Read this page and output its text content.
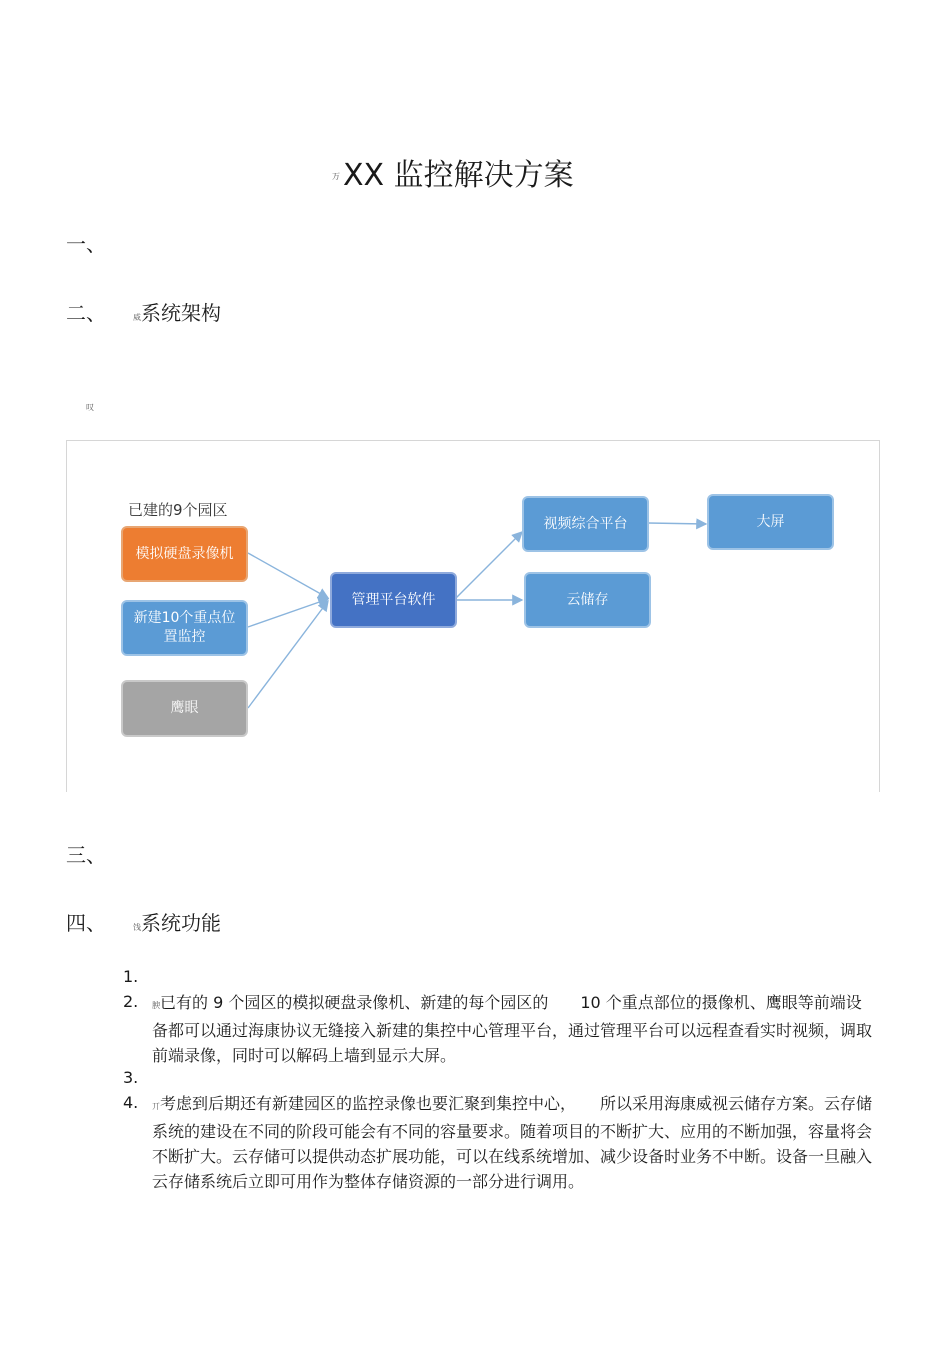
万 XX 监控解决方案
一、
二、	威系统架构
叹
已建的9个园区
模拟硬盘录像机
新建10个重点位置监控
鹰眼
管理平台软件
视频综合平台
云储存
大屏
三、
四、	饯系统功能
1.
2. 腴已有的 9 个园区的模拟硬盘录像机、新建的每个园区的　　10 个重点部位的摄像机、鹰眼等前端设备都可以通过海康协议无缝接入新建的集控中心管理平台，通过管理平台可以远程查看实时视频，调取前端录像，同时可以解码上墙到显示大屏。
3.
4. 丌考虑到后期还有新建园区的监控录像也要汇聚到集控中心，　　所以采用海康威视云储存方案。云存储系统的建设在不同的阶段可能会有不同的容量要求。随着项目的不断扩大、应用的不断加强，容量将会不断扩大。云存储可以提供动态扩展功能，可以在线系统增加、减少设备时业务不中断。设备一旦融入云存储系统后立即可用作为整体存储资源的一部分进行调用。
